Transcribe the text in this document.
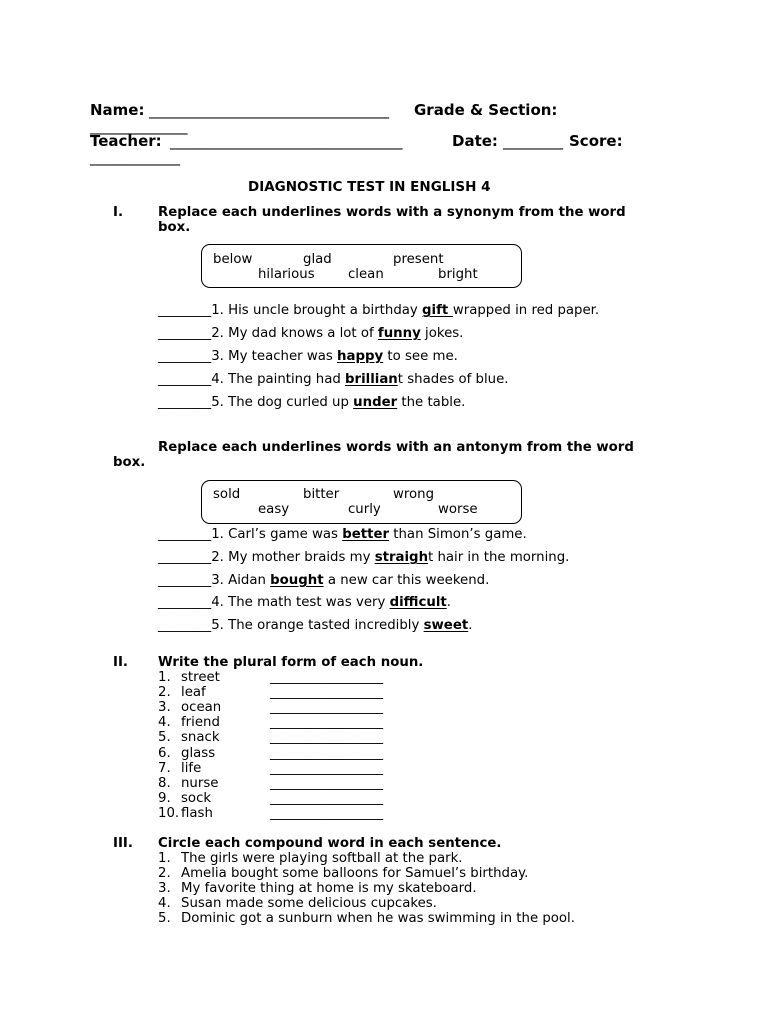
Name: ________________________________ Grade & Section:
_____________
Teacher: _______________________________	Date: ________ Score:
____________
DIAGNOSTIC TEST IN ENGLISH 4
I.	Replace each underlines words with a synonym from the word
box.
below	glad	present
hilarious	clean	bright
________1. His uncle brought a birthday gift wrapped in red paper.
________2. My dad knows a lot of funny jokes.
________3. My teacher was happy to see me.
________4. The painting had brilliant shades of blue.
________5. The dog curled up under the table.
Replace each underlines words with an antonym from the word
box.
sold	bitter	wrong
easy	curly	worse
________1. Carl’s game was better than Simon’s game.
________2. My mother braids my straight hair in the morning.
________3. Aidan bought a new car this weekend.
________4. The math test was very difficult.
________5. The orange tasted incredibly sweet.
II. Write the plural form of each noun.
1. street	_________________
2. leaf	_________________
3. ocean	_________________
4. friend	_________________
5. snack	_________________
6. glass	_________________
7. life	_________________
8. nurse	_________________
9. sock	_________________
10. flash	_________________
III. Circle each compound word in each sentence.
1. The girls were playing softball at the park.
2. Amelia bought some balloons for Samuel’s birthday.
3. My favorite thing at home is my skateboard.
4. Susan made some delicious cupcakes.
5. Dominic got a sunburn when he was swimming in the pool.
